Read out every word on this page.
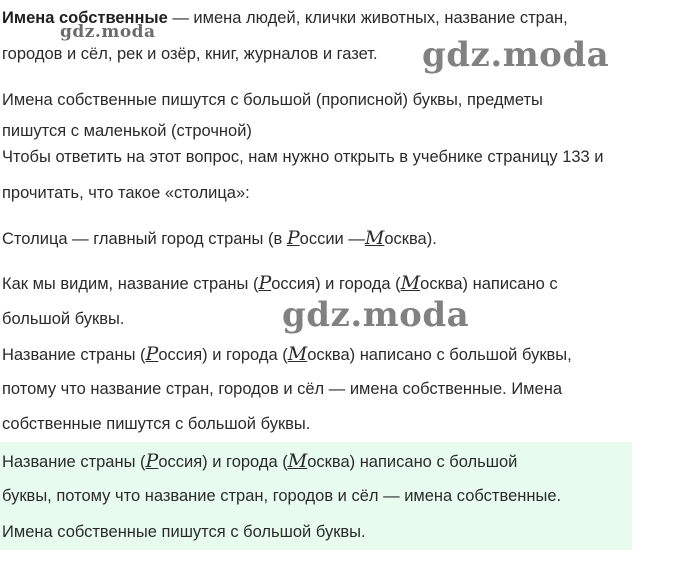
Имена собственные — имена людей, клички животных, название стран,

городов и сёл, рек и озёр, книг, журналов и газет.

Имена собственные пишутся с большой (прописной) буквы, предметы

пишутся с маленькой (строчной)

Чтобы ответить на этот вопрос, нам нужно открыть в учебнике страницу 133 и

прочитать, что такое «столица»:

Столица — главный город страны (в России —Москва).

Как мы видим, название страны (Россия) и города (Москва) написано с

большой буквы.

Название страны (Россия) и города (Москва) написано с большой буквы,

потому что название стран, городов и сёл — имена собственные. Имена

собственные пишутся с большой буквы.

Название страны (Россия) и города (Москва) написано с большой

буквы, потому что название стран, городов и сёл — имена собственные.

Имена собственные пишутся с большой буквы.

gdz.moda
gdz.moda
gdz.moda
